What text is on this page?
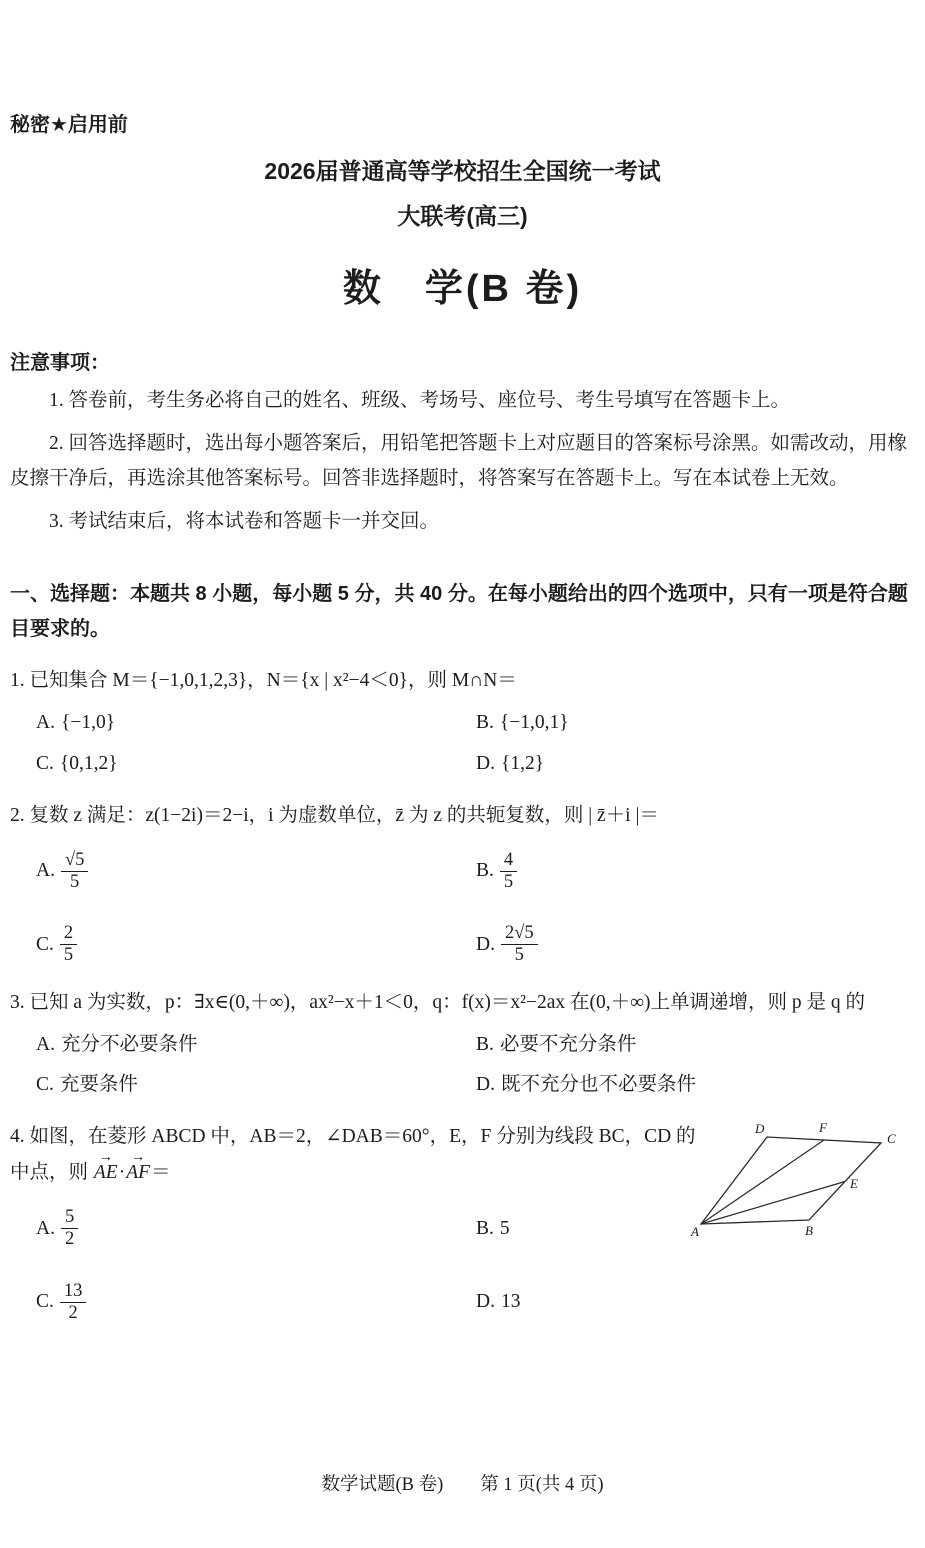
秘密★启用前
2026届普通高等学校招生全国统一考试
大联考(高三)
数　学(B 卷)
注意事项：

1. 答卷前，考生务必将自己的姓名、班级、考场号、座位号、考生号填写在答题卡上。

2. 回答选择题时，选出每小题答案后，用铅笔把答题卡上对应题目的答案标号涂黑。如需改动，用橡皮擦干净后，再选涂其他答案标号。回答非选择题时，将答案写在答题卡上。写在本试卷上无效。

3. 考试结束后，将本试卷和答题卡一并交回。

一、选择题：本题共 8 小题，每小题 5 分，共 40 分。在每小题给出的四个选项中，只有一项是符合题目要求的。

1. 已知集合 M＝{−1,0,1,2,3}，N＝{x | x²−4＜0}，则 M∩N＝

A. {−1,0}	B. {−1,0,1}
C. {0,1,2}	D. {1,2}

2. 复数 z 满足：z(1−2i)＝2−i，i 为虚数单位，z̄ 为 z 的共轭复数，则 | z̄＋i |＝

A. $\frac{√5}{5}$	B. $\frac{4}{5}$
C. $\frac{2}{5}$	D. $\frac{2√5}{5}$

3. 已知 a 为实数，p：∃x∈(0,＋∞)，ax²−x＋1＜0，q：f(x)＝x²−2ax 在(0,＋∞)上单调递增，则 p 是 q 的

A. 充分不必要条件	B. 必要不充分条件
C. 充要条件	D. 既不充分也不必要条件

4. 如图，在菱形 ABCD 中，AB＝2，∠DAB＝60°，E，F 分别为线段 BC，CD 的中点，则 → AE·→ AF＝

D	F
C
E
A	B
A. $\frac{5}{2}$	B. 5
C. $\frac{13}{2}$	D. 13
数学试题(B 卷)　　第 1 页(共 4 页)
